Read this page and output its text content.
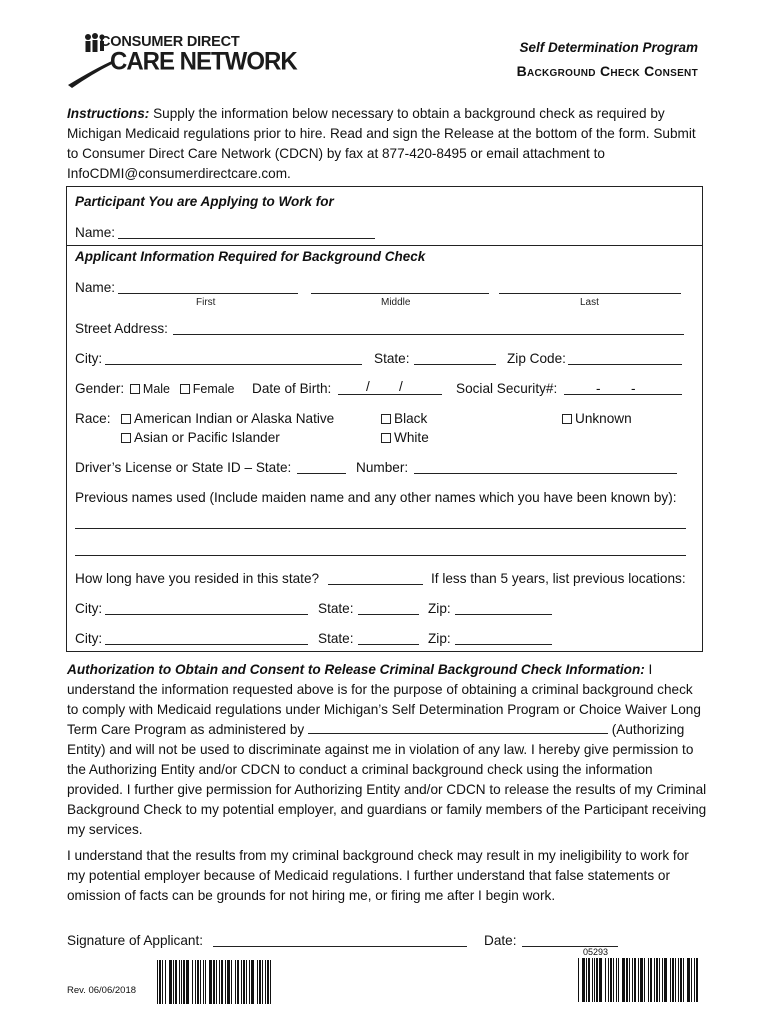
CONSUMER DIRECT
CARE NETWORK	Self Determination Program
Background Check Consent
Instructions: Supply the information below necessary to obtain a background check as required by Michigan Medicaid regulations prior to hire. Read and sign the Release at the bottom of the form. Submit to Consumer Direct Care Network (CDCN) by fax at 877-420-8495 or email attachment to InfoCDMI@consumerdirectcare.com.
Participant You are Applying to Work for
Name:
Applicant Information Required for Background Check
Name:
First	Middle	Last
Street Address:
City:	State:	Zip Code:
Gender: Male Female Date of Birth:	/ /	Social Security#:	- -
Race:	American Indian or Alaska Native	Black	Unknown
Asian or Pacific Islander	White
Driver’s License or State ID – State:	Number:
Previous names used (Include maiden name and any other names which you have been known by):
How long have you resided in this state?	If less than 5 years, list previous locations:
City:	State:	Zip:
City:	State:	Zip:
Authorization to Obtain and Consent to Release Criminal Background Check Information: I understand the information requested above is for the purpose of obtaining a criminal background check to comply with Medicaid regulations under Michigan’s Self Determination Program or Choice Waiver Long Term Care Program as administered by	(Authorizing Entity) and will not be used to discriminate against me in violation of any law. I hereby give permission to the Authorizing Entity and/or CDCN to conduct a criminal background check using the information provided. I further give permission for Authorizing Entity and/or CDCN to release the results of my Criminal Background Check to my potential employer, and guardians or family members of the Participant receiving my services.
I understand that the results from my criminal background check may result in my ineligibility to work for my potential employer because of Medicaid regulations. I further understand that false statements or omission of facts can be grounds for not hiring me, or firing me after I begin work.
Signature of Applicant:	Date:
05293
Rev. 06/06/2018
